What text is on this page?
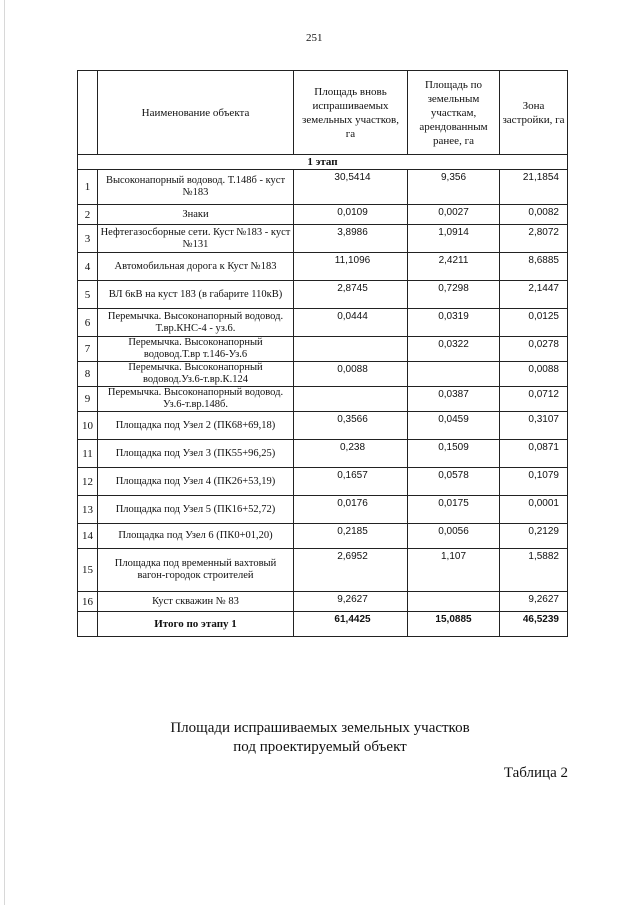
251
	Наименование объекта	Площадь вновь испрашиваемых земельных участков, га	Площадь по земельным участкам, арендованным ранее, га	Зона застройки, га
1 этап				
1	Высоконапорный водовод. Т.148б - куст №183	30,5414	9,356	21,1854
2	Знаки	0,0109	0,0027	0,0082
3	Нефтегазосборные сети. Куст №183 - куст №131	3,8986	1,0914	2,8072
4	Автомобильная дорога к Куст №183	11,1096	2,4211	8,6885
5	ВЛ 6кВ на куст 183 (в габарите 110кВ)	2,8745	0,7298	2,1447
6	Перемычка. Высоконапорный водовод. Т.вр.КНС-4 - уз.6.	0,0444	0,0319	0,0125
7	Перемычка. Высоконапорный водовод.Т.вр т.146-Уз.6		0,0322	0,0278
8	Перемычка. Высоконапорный водовод.Уз.6-т.вр.К.124	0,0088		0,0088
9	Перемычка. Высоконапорный водовод. Уз.6-т.вр.148б.		0,0387	0,0712
10	Площадка под Узел 2 (ПК68+69,18)	0,3566	0,0459	0,3107
11	Площадка под Узел 3 (ПК55+96,25)	0,238	0,1509	0,0871
12	Площадка под Узел 4 (ПК26+53,19)	0,1657	0,0578	0,1079
13	Площадка под Узел 5 (ПК16+52,72)	0,0176	0,0175	0,0001
14	Площадка под Узел 6 (ПК0+01,20)	0,2185	0,0056	0,2129
15	Площадка под временный вахтовый вагон-городок строителей	2,6952	1,107	1,5882
16	Куст скважин № 83	9,2627		9,2627
	Итого по этапу 1	61,4425	15,0885	46,5239
Таблица 2
Площади испрашиваемых земельных участков
под проектируемый объект
